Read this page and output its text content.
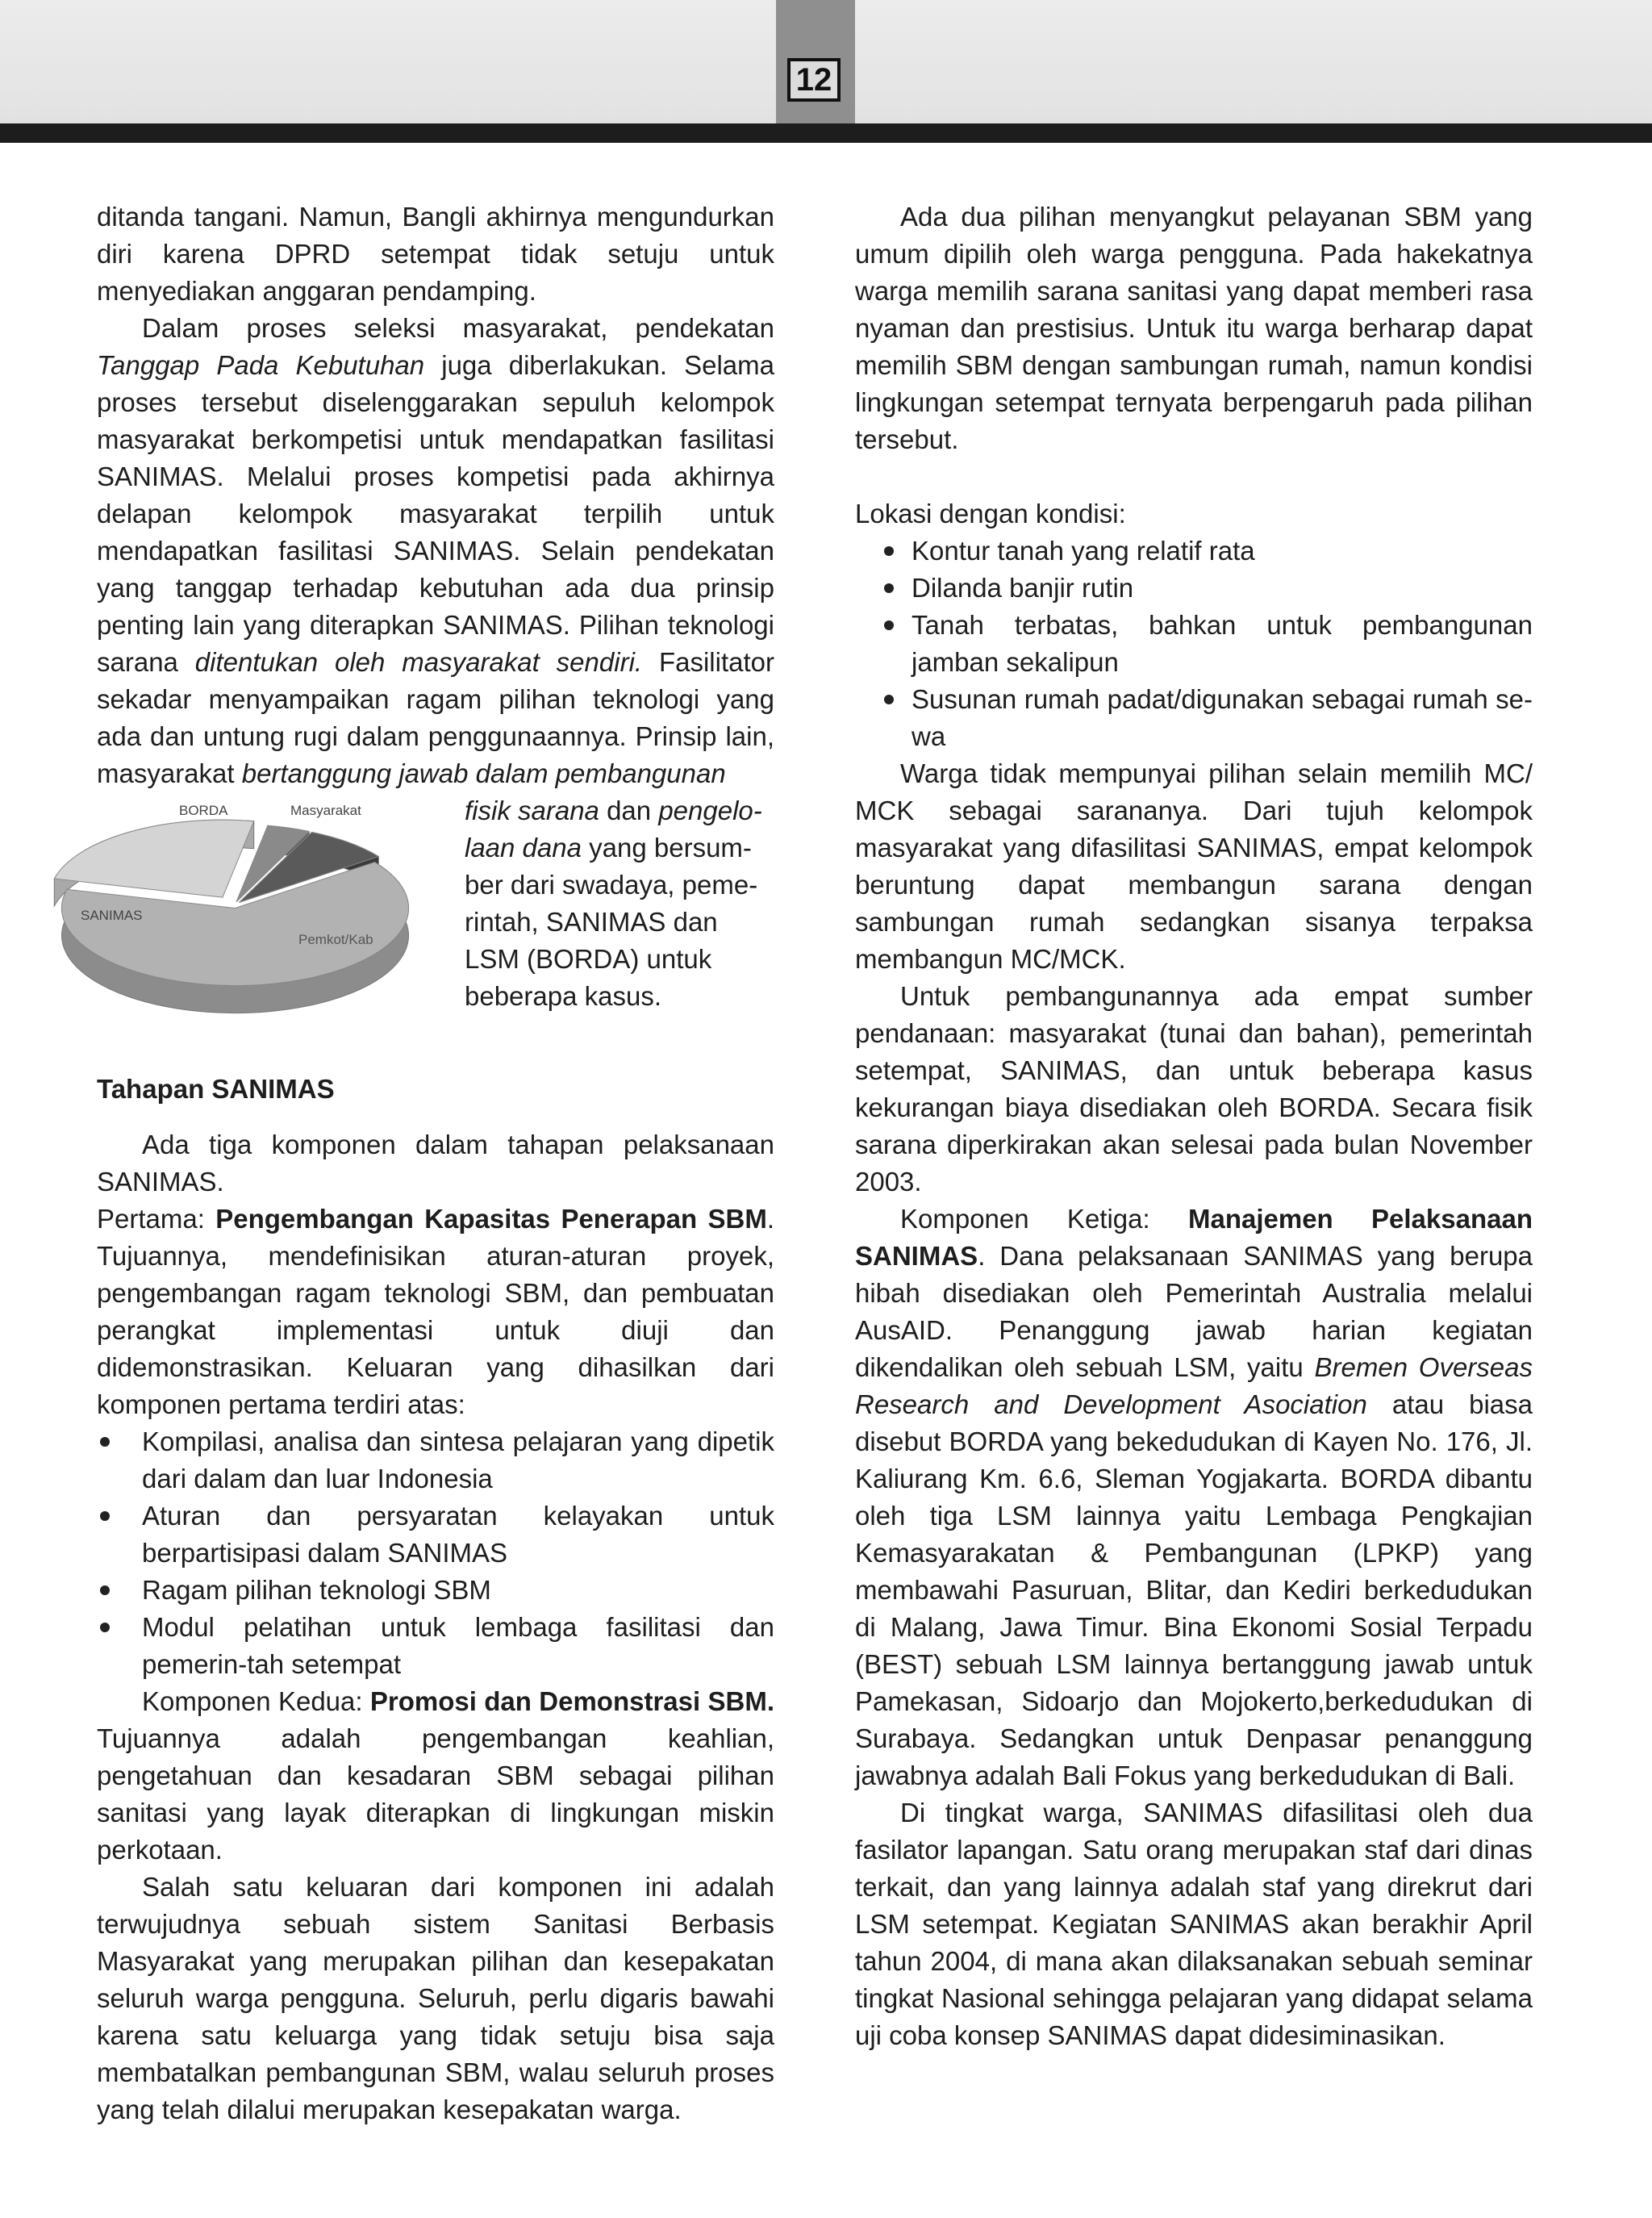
12

ditanda tangani. Namun, Bangli akhirnya mengundurkan diri karena DPRD setempat tidak setuju untuk menyediakan anggaran pendamping.

Dalam proses seleksi masyarakat, pendekatan Tanggap Pada Kebutuhan juga diberlakukan. Selama proses tersebut diselenggarakan sepuluh kelompok masyarakat berkompetisi untuk mendapatkan fasilitasi SANIMAS. Melalui proses kompetisi pada akhirnya delapan kelompok masyarakat terpilih untuk mendapatkan fasilitasi SANIMAS. Selain pendekatan yang tanggap terhadap kebutuhan ada dua prinsip penting lain yang diterapkan SANIMAS. Pilihan teknologi sarana ditentukan oleh masyarakat sendiri. Fasilitator sekadar menyampaikan ragam pilihan teknologi yang ada dan untung rugi dalam penggunaannya. Prinsip lain, masyarakat bertanggung jawab dalam pembangunan

SANIMAS
BORDA	Masyarakat
Pemkot/Kab
fisik sarana dan pengelo-laan dana yang bersum-ber dari swadaya, peme-rintah, SANIMAS dan LSM (BORDA) untuk beberapa kasus.

Tahapan SANIMAS

Ada tiga komponen dalam tahapan pelaksanaan SANIMAS.

Pertama: Pengembangan Kapasitas Penerapan SBM. Tujuannya, mendefinisikan aturan-aturan proyek, pengembangan ragam teknologi SBM, dan pembuatan perangkat implementasi untuk diuji dan didemonstrasikan. Keluaran yang dihasilkan dari komponen pertama terdiri atas:

Kompilasi, analisa dan sintesa pelajaran yang dipetik dari dalam dan luar Indonesia
Aturan dan persyaratan kelayakan untuk berpartisipasi dalam SANIMAS
Ragam pilihan teknologi SBM
Modul pelatihan untuk lembaga fasilitasi dan pemerin-tah setempat

Komponen Kedua: Promosi dan Demonstrasi SBM. Tujuannya adalah pengembangan keahlian, pengetahuan dan kesadaran SBM sebagai pilihan sanitasi yang layak diterapkan di lingkungan miskin perkotaan.

Salah satu keluaran dari komponen ini adalah terwujudnya sebuah sistem Sanitasi Berbasis Masyarakat yang merupakan pilihan dan kesepakatan seluruh warga pengguna. Seluruh, perlu digaris bawahi karena satu keluarga yang tidak setuju bisa saja membatalkan pembangunan SBM, walau seluruh proses yang telah dilalui merupakan kesepakatan warga.

Ada dua pilihan menyangkut pelayanan SBM yang umum dipilih oleh warga pengguna. Pada hakekatnya warga memilih sarana sanitasi yang dapat memberi rasa nyaman dan prestisius. Untuk itu warga berharap dapat memilih SBM dengan sambungan rumah, namun kondisi lingkungan setempat ternyata berpengaruh pada pilihan tersebut.

Lokasi dengan kondisi:

Kontur tanah yang relatif rata
Dilanda banjir rutin
Tanah terbatas, bahkan untuk pembangunan jamban sekalipun
Susunan rumah padat/digunakan sebagai rumah se-wa

Warga tidak mempunyai pilihan selain memilih MC/ MCK sebagai sarananya. Dari tujuh kelompok masyarakat yang difasilitasi SANIMAS, empat kelompok beruntung dapat membangun sarana dengan sambungan rumah sedangkan sisanya terpaksa membangun MC/MCK.

Untuk pembangunannya ada empat sumber pendanaan: masyarakat (tunai dan bahan), pemerintah setempat, SANIMAS, dan untuk beberapa kasus kekurangan biaya disediakan oleh BORDA. Secara fisik sarana diperkirakan akan selesai pada bulan November 2003.

Komponen Ketiga: Manajemen Pelaksanaan SANIMAS. Dana pelaksanaan SANIMAS yang berupa hibah disediakan oleh Pemerintah Australia melalui AusAID. Penanggung jawab harian kegiatan dikendalikan oleh sebuah LSM, yaitu Bremen Overseas Research and Development Asociation atau biasa disebut BORDA yang bekedudukan di Kayen No. 176, Jl. Kaliurang Km. 6.6, Sleman Yogjakarta. BORDA dibantu oleh tiga LSM lainnya yaitu Lembaga Pengkajian Kemasyarakatan & Pembangunan (LPKP) yang membawahi Pasuruan, Blitar, dan Kediri berkedudukan di Malang, Jawa Timur. Bina Ekonomi Sosial Terpadu (BEST) sebuah LSM lainnya bertanggung jawab untuk Pamekasan, Sidoarjo dan Mojokerto,berkedudukan di Surabaya. Sedangkan untuk Denpasar penanggung jawabnya adalah Bali Fokus yang berkedudukan di Bali.

Di tingkat warga, SANIMAS difasilitasi oleh dua fasilator lapangan. Satu orang merupakan staf dari dinas terkait, dan yang lainnya adalah staf yang direkrut dari LSM setempat. Kegiatan SANIMAS akan berakhir April tahun 2004, di mana akan dilaksanakan sebuah seminar tingkat Nasional sehingga pelajaran yang didapat selama uji coba konsep SANIMAS dapat didesiminasikan.
